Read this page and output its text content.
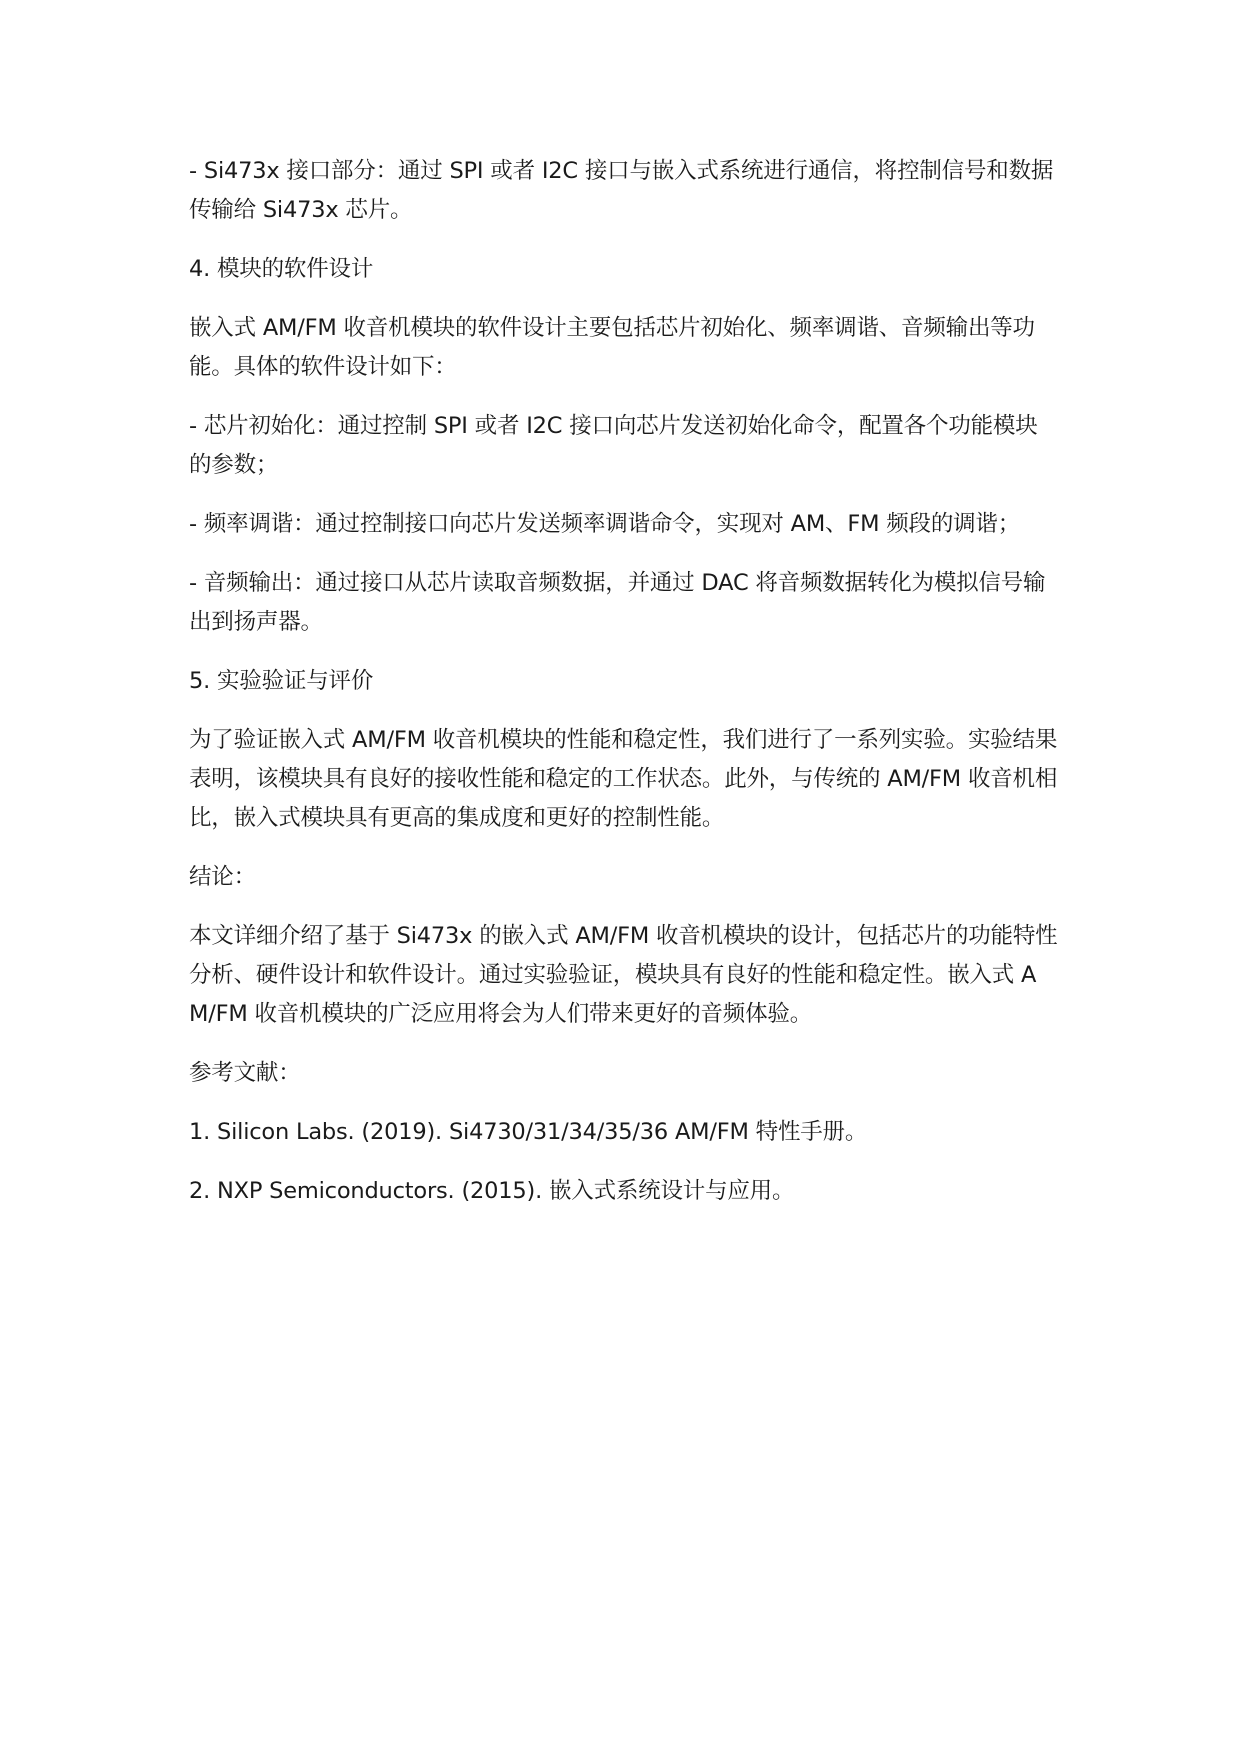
- Si473x 接口部分：通过 SPI 或者 I2C 接口与嵌入式系统进行通信，将控制信号和数据传输给 Si473x 芯片。

4. 模块的软件设计

嵌入式 AM/FM 收音机模块的软件设计主要包括芯片初始化、频率调谐、音频输出等功能。具体的软件设计如下：

- 芯片初始化：通过控制 SPI 或者 I2C 接口向芯片发送初始化命令，配置各个功能模块的参数；

- 频率调谐：通过控制接口向芯片发送频率调谐命令，实现对 AM、FM 频段的调谐；

- 音频输出：通过接口从芯片读取音频数据，并通过 DAC 将音频数据转化为模拟信号输出到扬声器。

5. 实验验证与评价

为了验证嵌入式 AM/FM 收音机模块的性能和稳定性，我们进行了一系列实验。实验结果表明，该模块具有良好的接收性能和稳定的工作状态。此外，与传统的 AM/FM 收音机相比，嵌入式模块具有更高的集成度和更好的控制性能。

结论：

本文详细介绍了基于 Si473x 的嵌入式 AM/FM 收音机模块的设计，包括芯片的功能特性分析、硬件设计和软件设计。通过实验验证，模块具有良好的性能和稳定性。嵌入式 AM/FM 收音机模块的广泛应用将会为人们带来更好的音频体验。

参考文献：

1. Silicon Labs. (2019). Si4730/31/34/35/36 AM/FM 特性手册。

2. NXP Semiconductors. (2015). 嵌入式系统设计与应用。
